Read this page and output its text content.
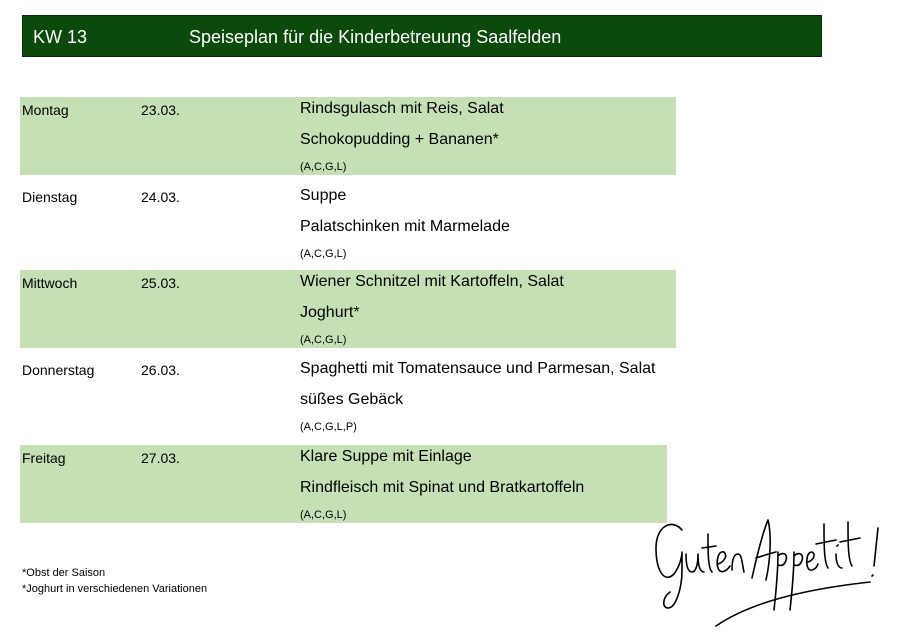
KW 13	Speiseplan für die Kinderbetreuung Saalfelden
Montag	23.03.	Rindsgulasch mit Reis, Salat
Schokopudding + Bananen*
(A,C,G,L)
Dienstag	24.03.	Suppe
Palatschinken mit Marmelade
(A,C,G,L)
Mittwoch	25.03.	Wiener Schnitzel mit Kartoffeln, Salat
Joghurt*
(A,C,G,L)
Donnerstag	26.03.	Spaghetti mit Tomatensauce und Parmesan, Salat
süßes Gebäck
(A,C,G,L,P)
Freitag	27.03.	Klare Suppe mit Einlage
Rindfleisch mit Spinat und Bratkartoffeln
(A,C,G,L)
*Obst der Saison
*Joghurt in verschiedenen Variationen
